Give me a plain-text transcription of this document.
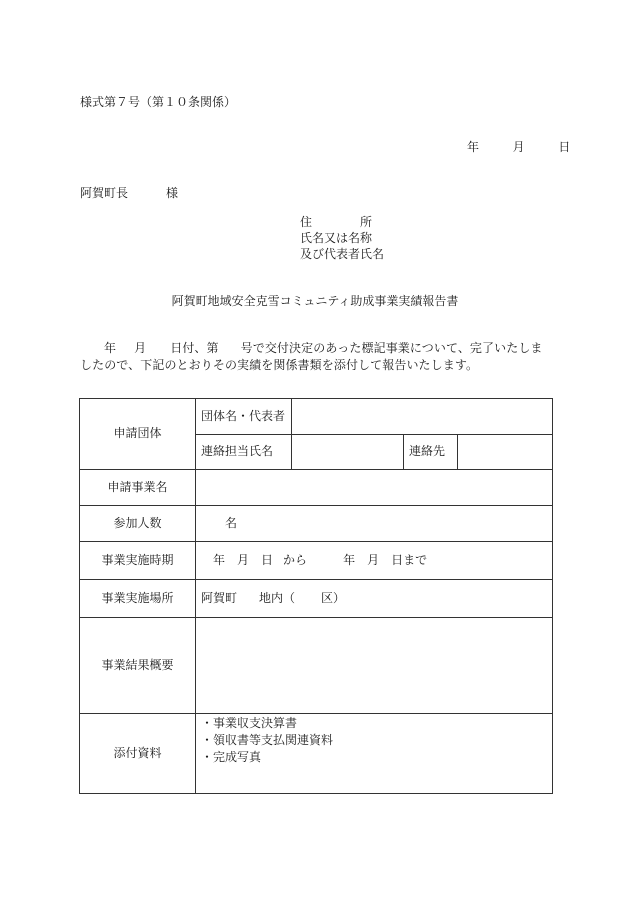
様式第７号（第１０条関係）
年	月	日
阿賀町長	様
住　　　　所
氏名又は名称
及び代表者氏名
阿賀町地域安全克雪コミュニティ助成事業実績報告書
年 月 日付、第 号で交付決定のあった標記事業について、完了いたしましたので、下記のとおりその実績を関係書類を添付して報告いたします。
申請団体	団体名・代表者			
	連絡担当氏名		連絡先	
申請事業名				
参加人数	名			
事業実施時期	年 月 日 から 年 月 日まで			
事業実施場所	阿賀町 地内（ 区）			
事業結果概要				
添付資料	・事業収支決算書
・領収書等支払関連資料
・完成写真			
